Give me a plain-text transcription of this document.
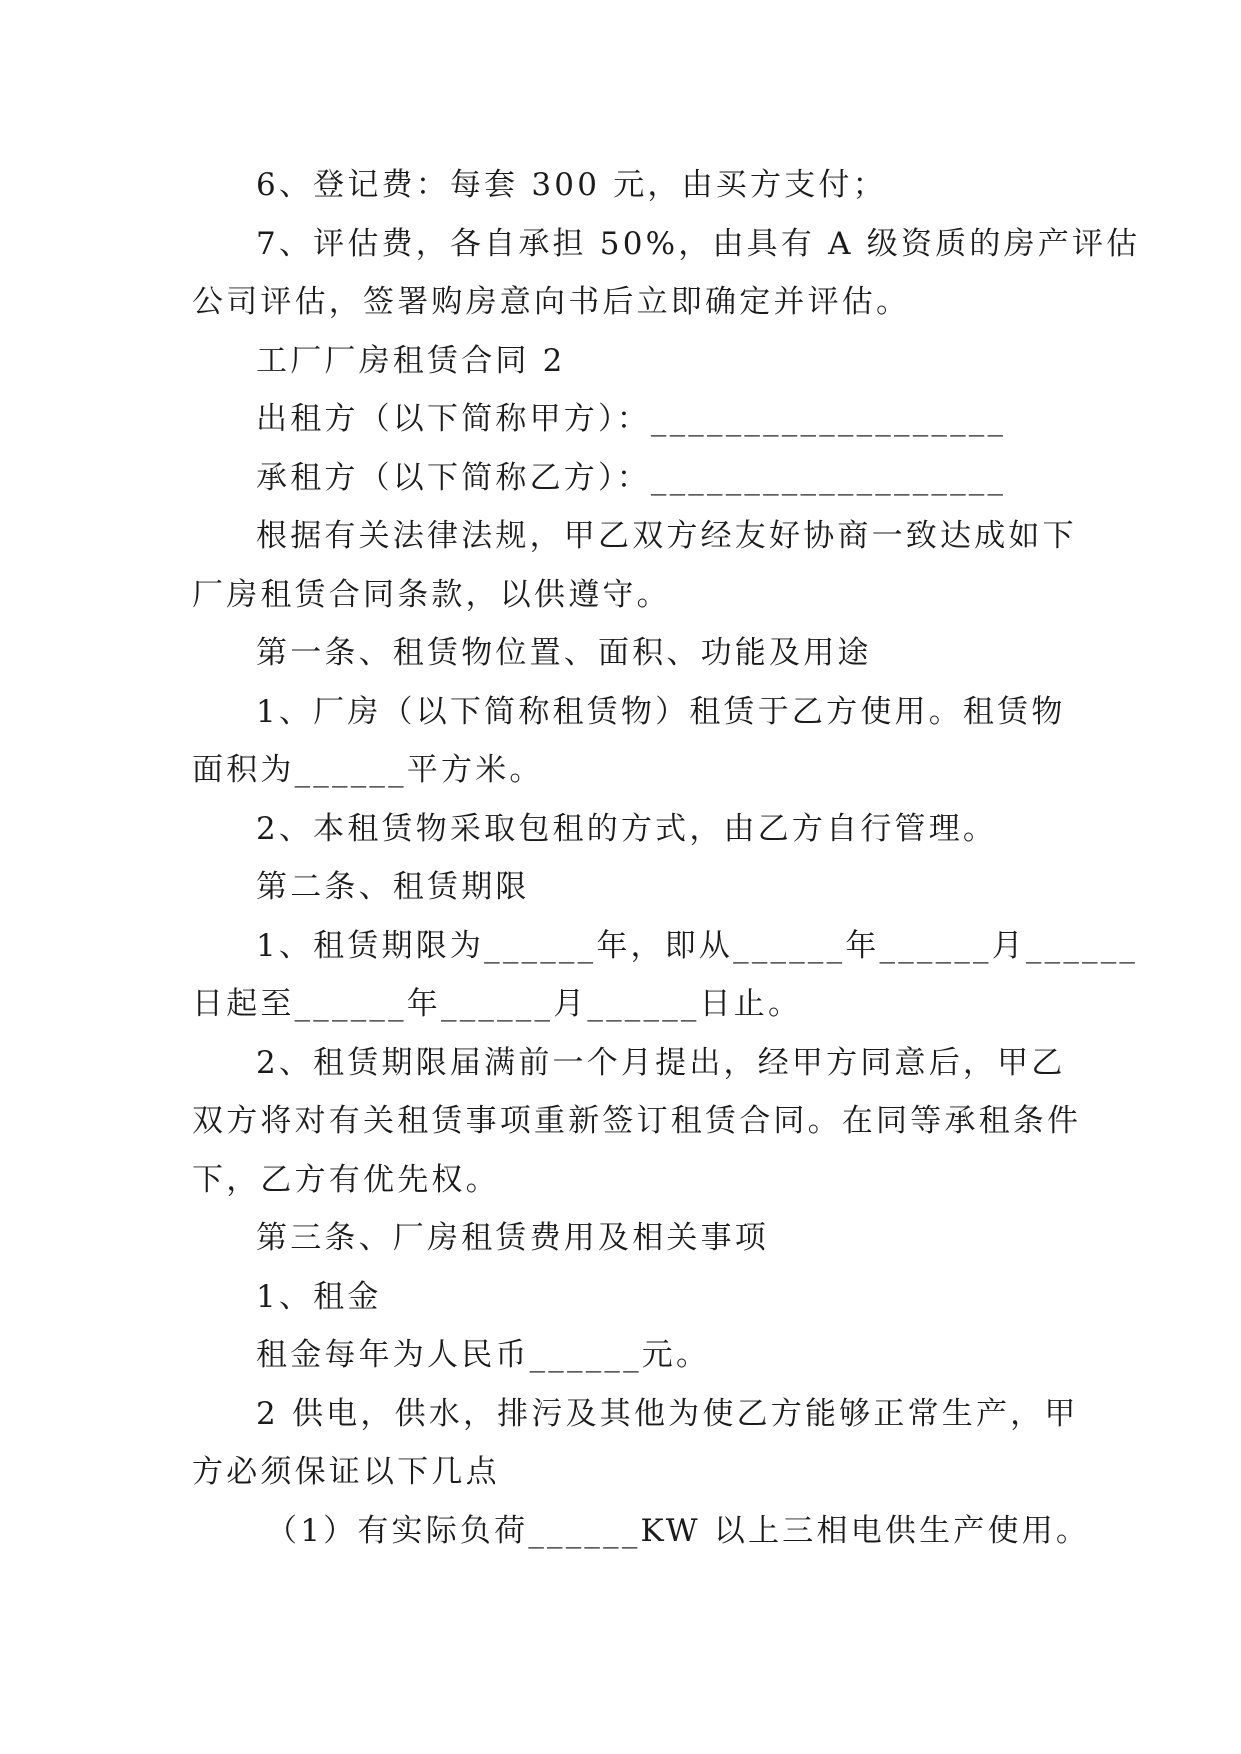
6、登记费：每套 300 元，由买方支付；
7、评估费，各自承担 50%，由具有 A 级资质的房产评估
公司评估，签署购房意向书后立即确定并评估。
工厂厂房租赁合同 2
出租方（以下简称甲方）：___________________
承租方（以下简称乙方）：___________________
根据有关法律法规，甲乙双方经友好协商一致达成如下
厂房租赁合同条款，以供遵守。
第一条、租赁物位置、面积、功能及用途
1、厂房（以下简称租赁物）租赁于乙方使用。租赁物
面积为______平方米。
2、本租赁物采取包租的方式，由乙方自行管理。
第二条、租赁期限
1、租赁期限为______年，即从______年______月______
日起至______年______月______日止。
2、租赁期限届满前一个月提出，经甲方同意后，甲乙
双方将对有关租赁事项重新签订租赁合同。在同等承租条件
下，乙方有优先权。
第三条、厂房租赁费用及相关事项
1、租金
租金每年为人民币______元。
2 供电，供水，排污及其他为使乙方能够正常生产，甲
方必须保证以下几点
（1）有实际负荷______KW 以上三相电供生产使用。
